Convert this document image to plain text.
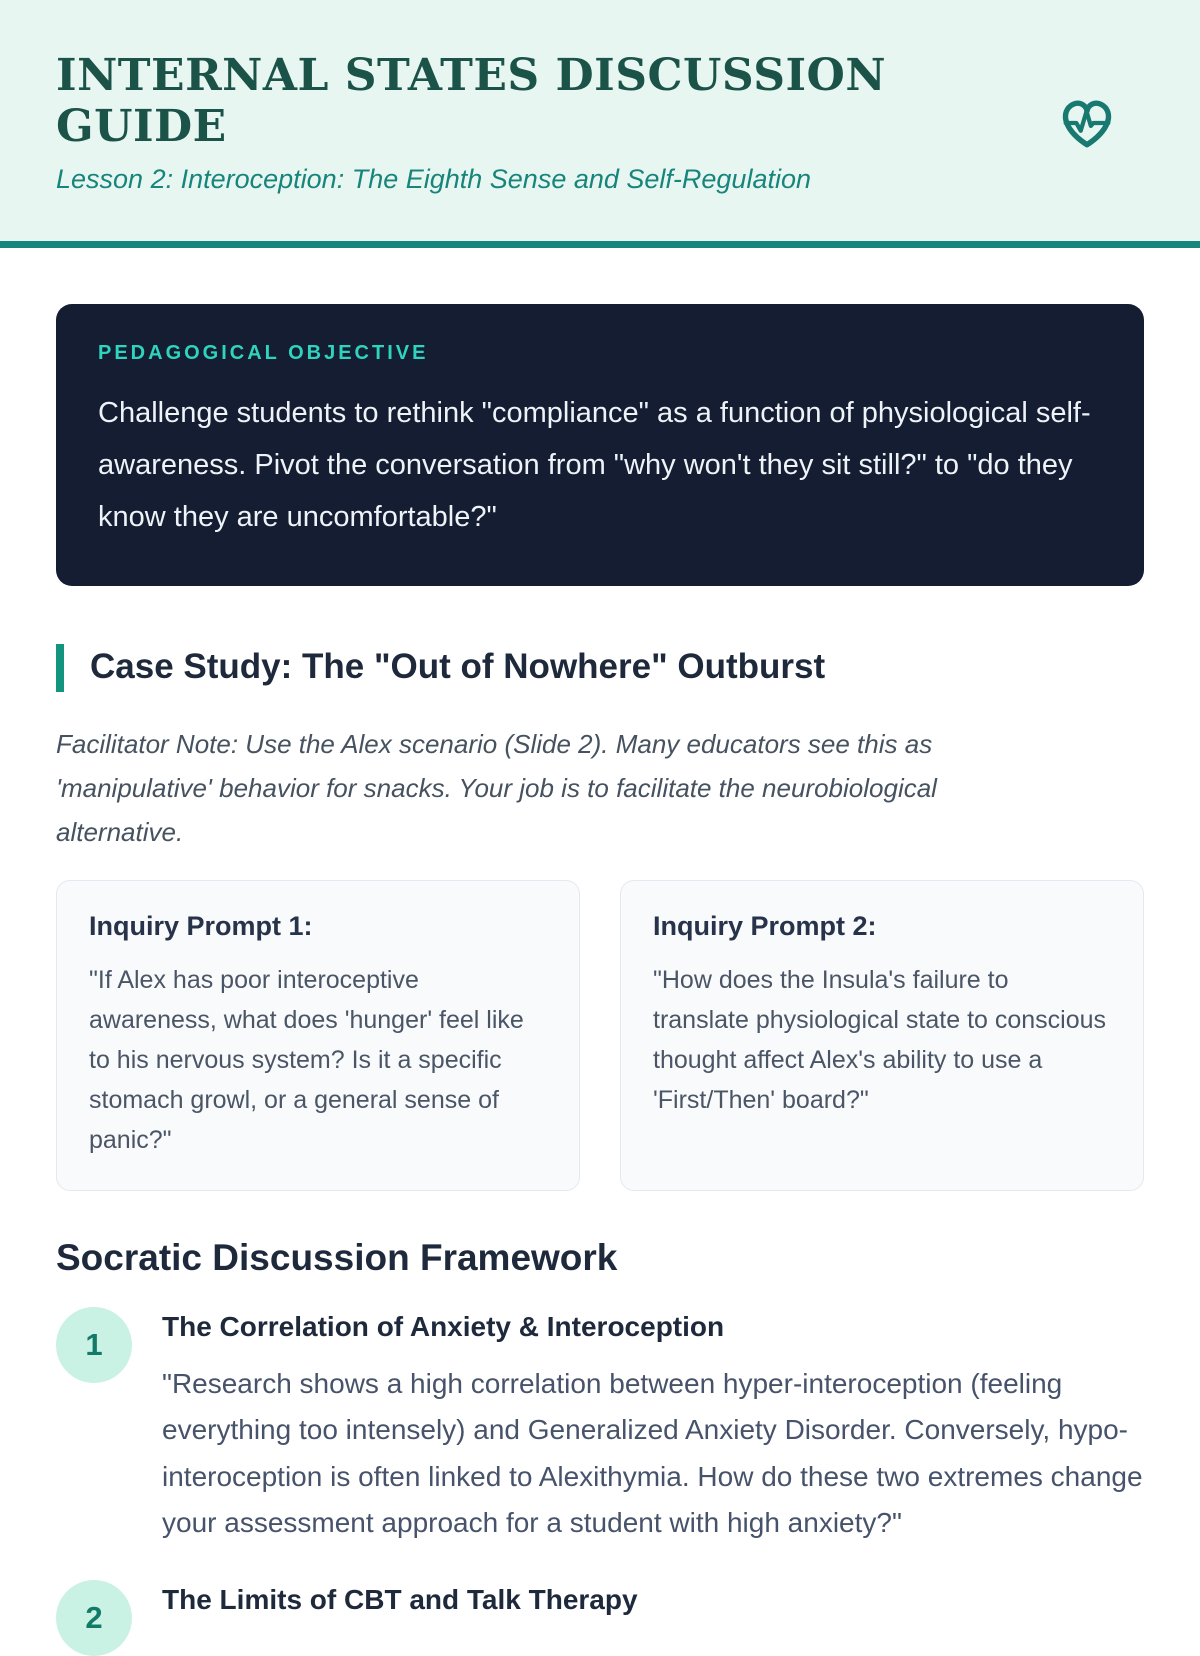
INTERNAL STATES DISCUSSION GUIDE

Lesson 2: Interoception: The Eighth Sense and Self-Regulation

PEDAGOGICAL OBJECTIVE

Challenge students to rethink "compliance" as a function of physiological self-awareness. Pivot the conversation from "why won't they sit still?" to "do they know they are uncomfortable?"

Case Study: The "Out of Nowhere" Outburst

Facilitator Note: Use the Alex scenario (Slide 2). Many educators see this as 'manipulative' behavior for snacks. Your job is to facilitate the neurobiological alternative.

Inquiry Prompt 1:

"If Alex has poor interoceptive awareness, what does 'hunger' feel like to his nervous system? Is it a specific stomach growl, or a general sense of panic?"

Inquiry Prompt 2:

"How does the Insula's failure to translate physiological state to conscious thought affect Alex's ability to use a 'First/Then' board?"

Socratic Discussion Framework
1
The Correlation of Anxiety & Interoception

"Research shows a high correlation between hyper-interoception (feeling everything too intensely) and Generalized Anxiety Disorder. Conversely, hypo-interoception is often linked to Alexithymia. How do these two extremes change your assessment approach for a student with high anxiety?"

2
The Limits of CBT and Talk Therapy
